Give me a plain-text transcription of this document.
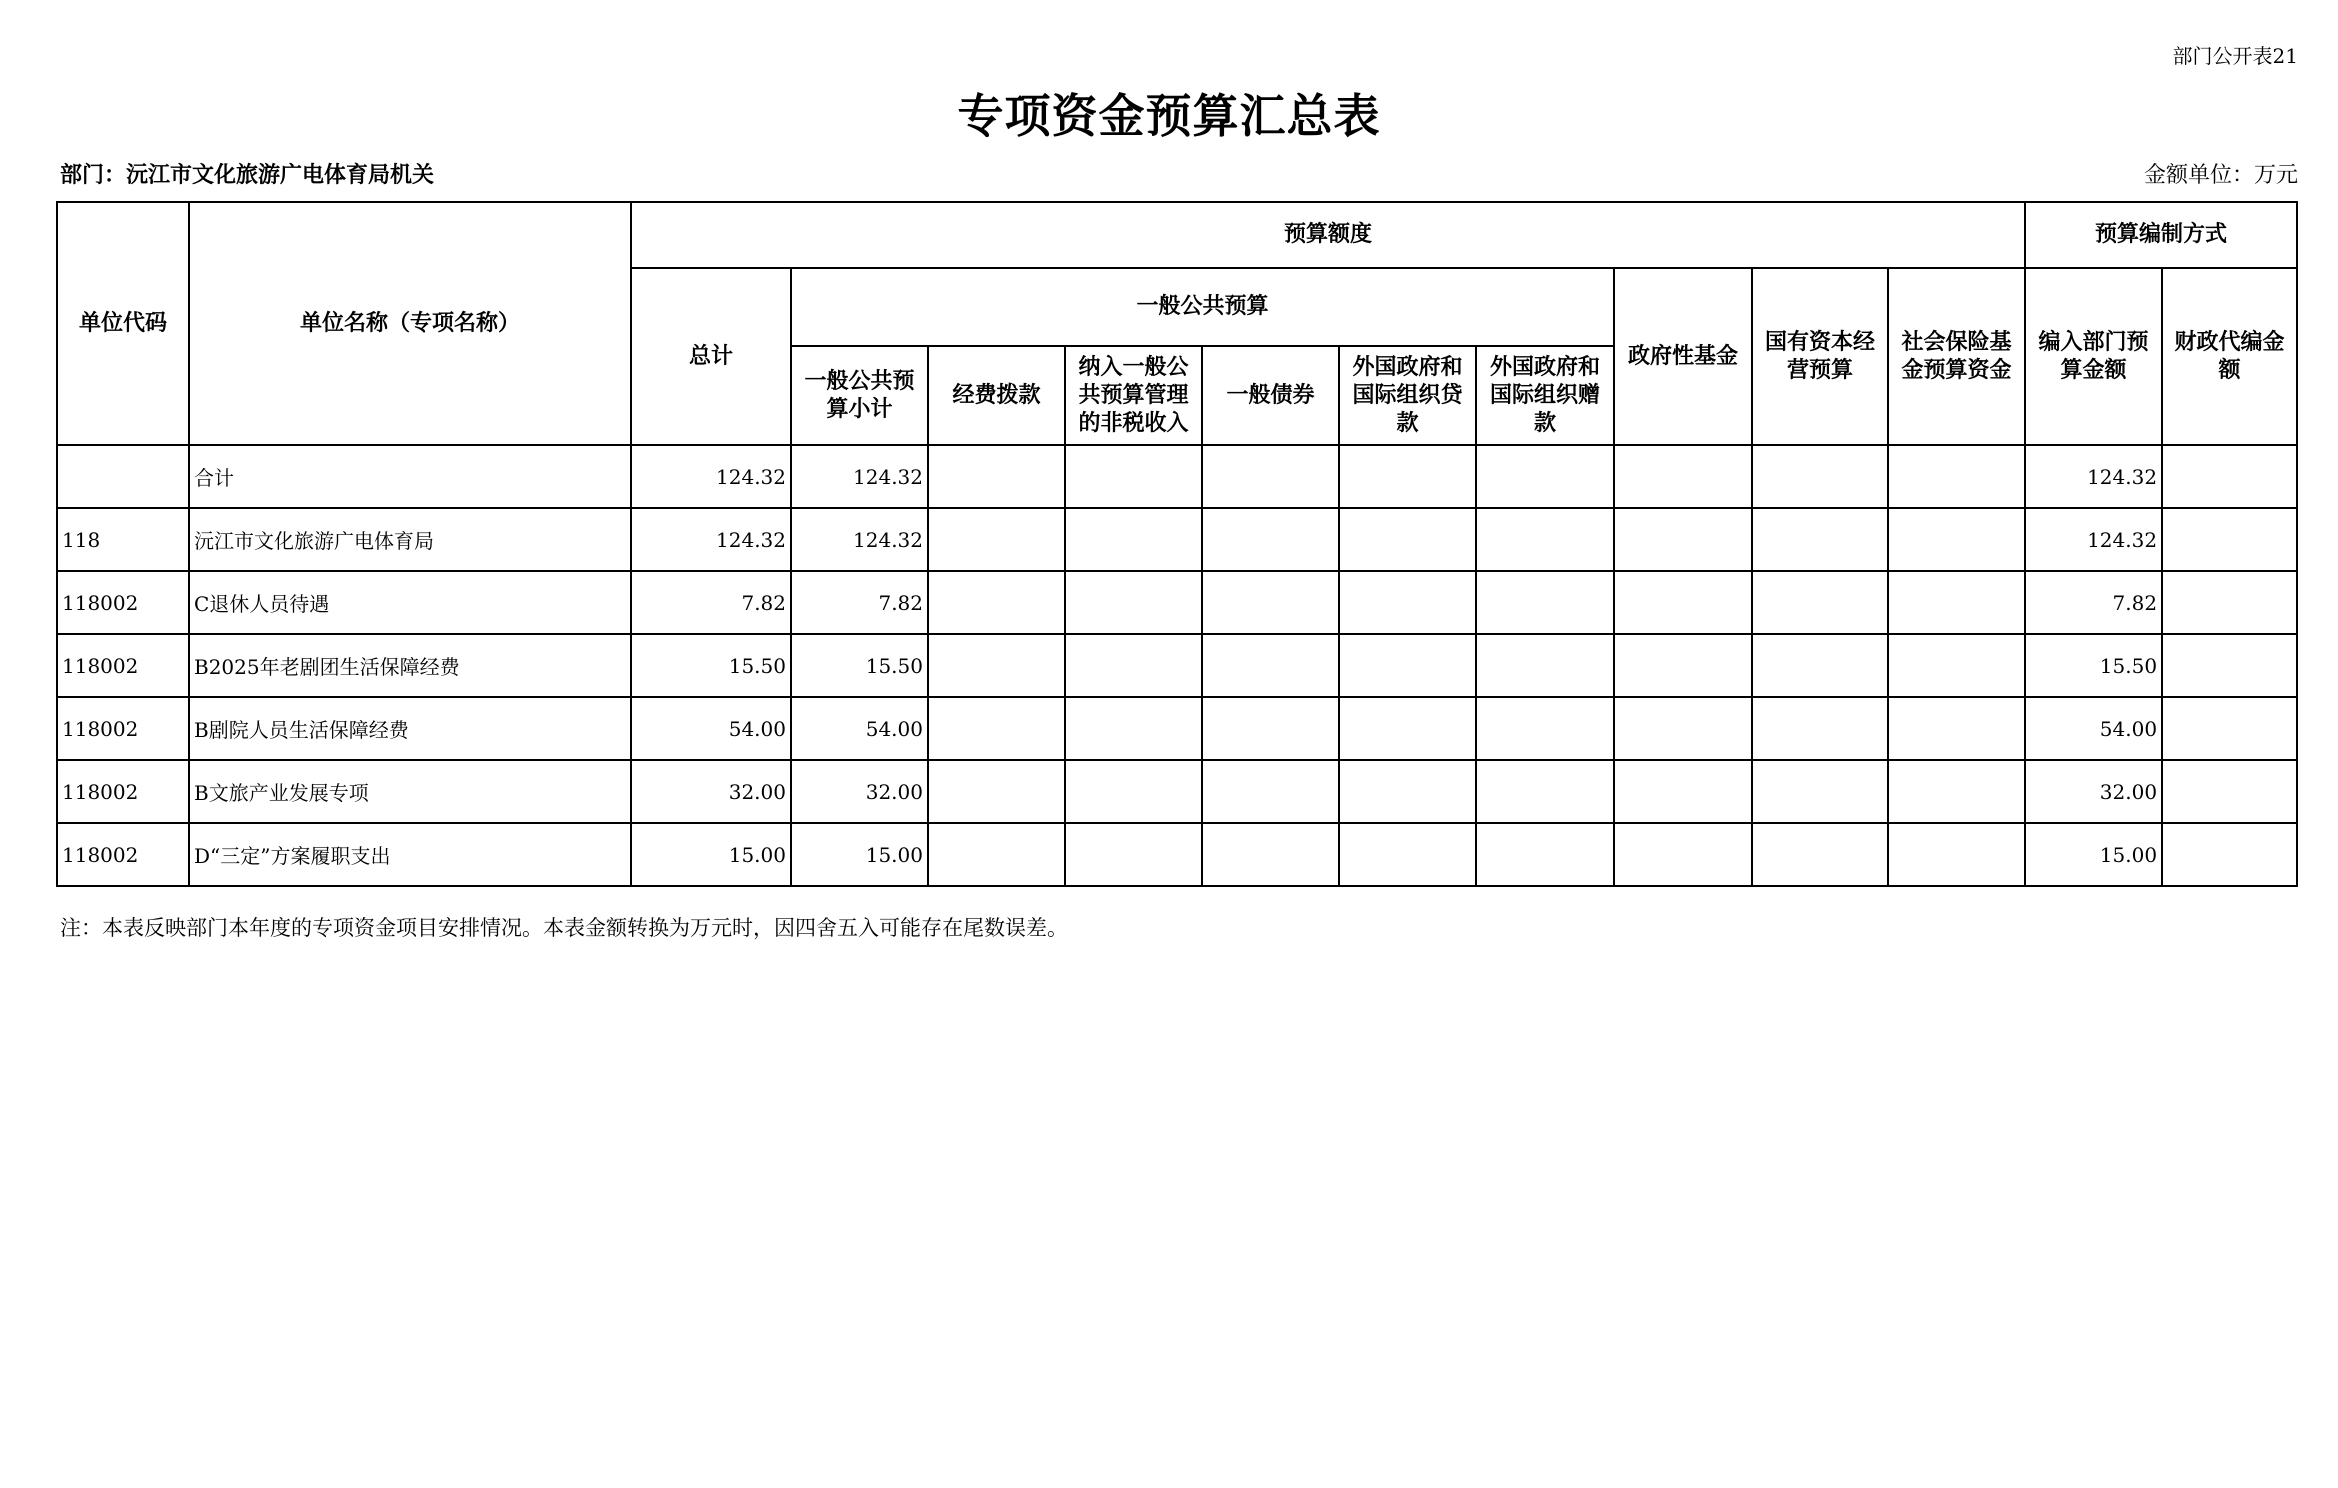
部门公开表21
专项资金预算汇总表
部门：沅江市文化旅游广电体育局机关	金额单位：万元
单位代码	单位名称（专项名称）	预算额度										预算编制方式	
		总计	一般公共预算						政府性基金	国有资本经营预算	社会保险基金预算资金	编入部门预算金额	财政代编金额
			一般公共预算小计	经费拨款	纳入一般公共预算管理的非税收入	一般债券	外国政府和国际组织贷款	外国政府和国际组织赠款					
	合计	124.32	124.32									124.32	
118	沅江市文化旅游广电体育局	124.32	124.32									124.32	
118002	C退休人员待遇	7.82	7.82									7.82	
118002	B2025年老剧团生活保障经费	15.50	15.50									15.50	
118002	B剧院人员生活保障经费	54.00	54.00									54.00	
118002	B文旅产业发展专项	32.00	32.00									32.00	
118002	D“三定”方案履职支出	15.00	15.00									15.00	
注：本表反映部门本年度的专项资金项目安排情况。本表金额转换为万元时，因四舍五入可能存在尾数误差。
